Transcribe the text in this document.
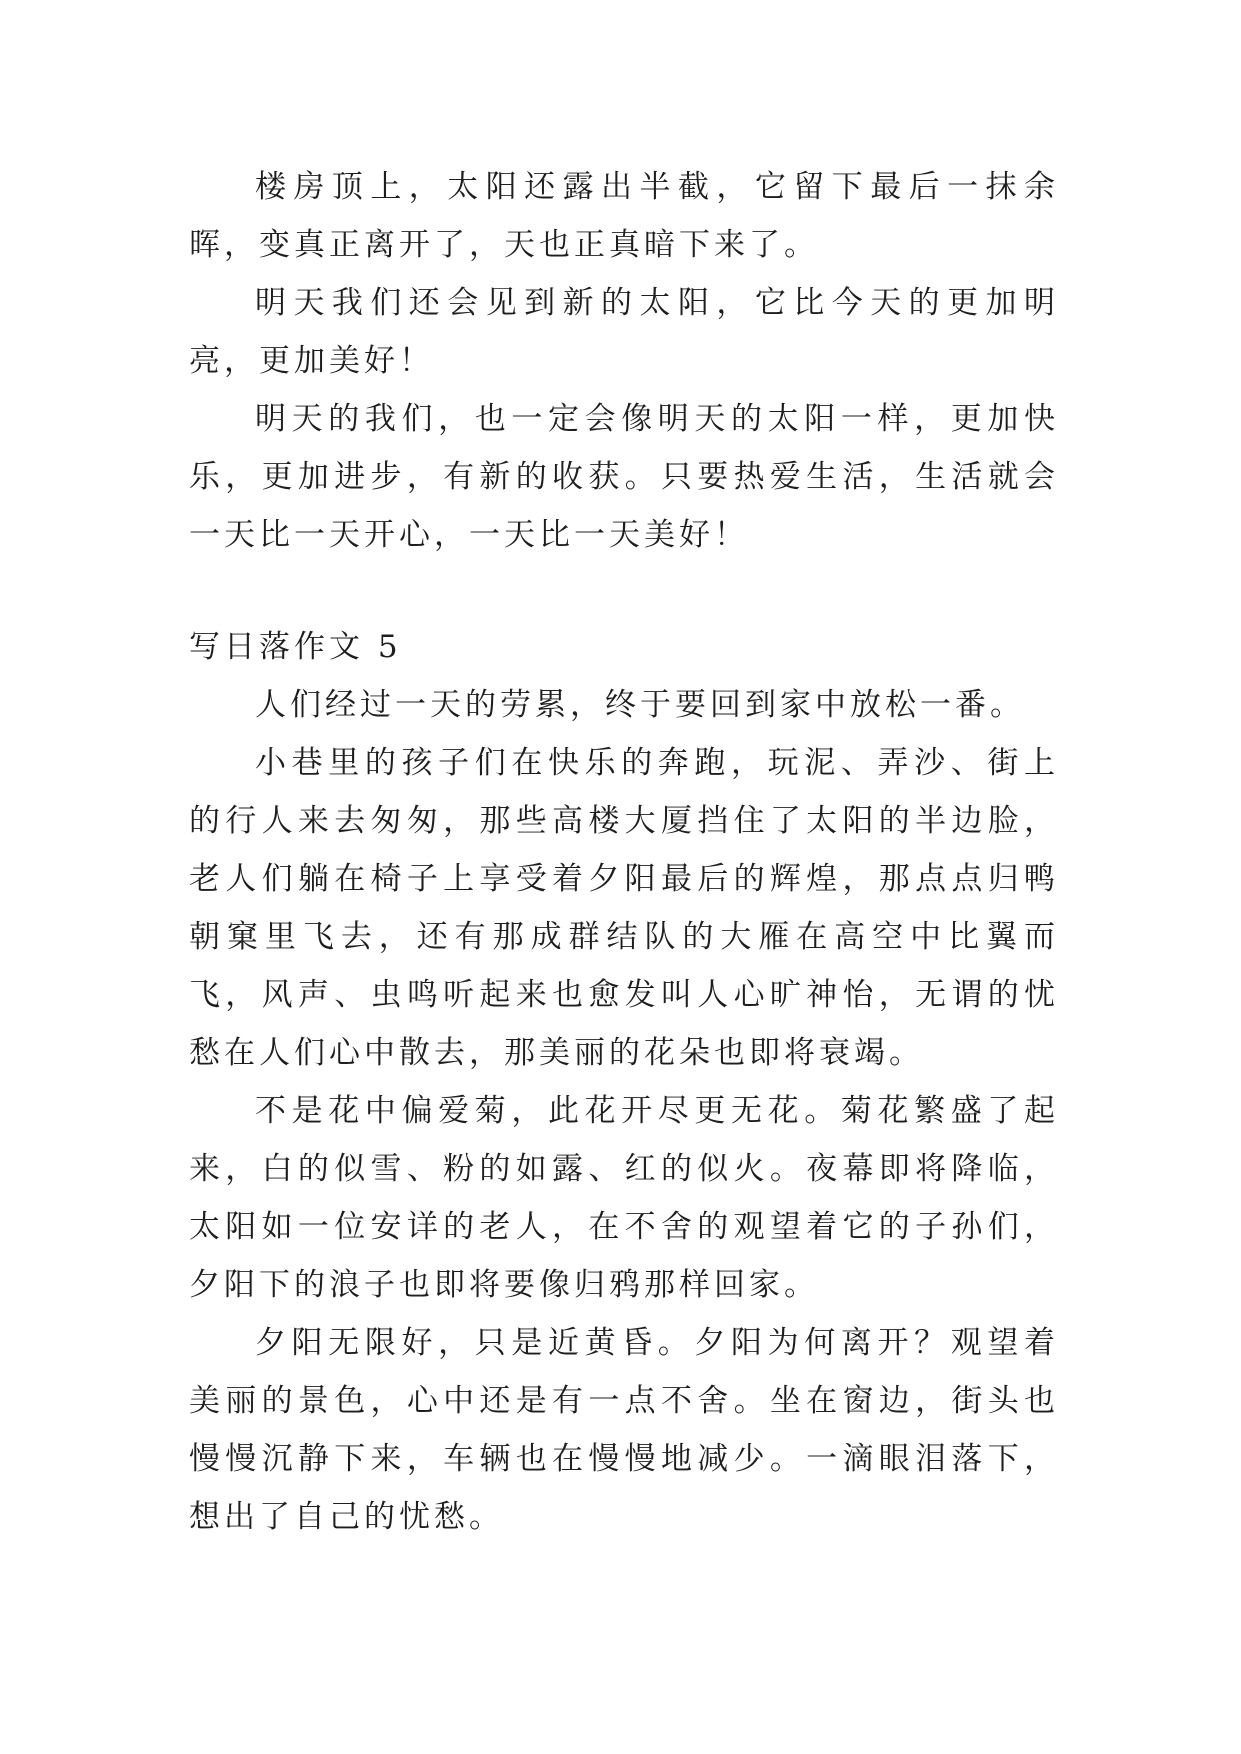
楼房顶上，太阳还露出半截，它留下最后一抹余晖，变真正离开了，天也正真暗下来了。

明天我们还会见到新的太阳，它比今天的更加明亮，更加美好！

明天的我们，也一定会像明天的太阳一样，更加快乐，更加进步，有新的收获。只要热爱生活，生活就会一天比一天开心，一天比一天美好！

写日落作文 5

人们经过一天的劳累，终于要回到家中放松一番。

小巷里的孩子们在快乐的奔跑，玩泥、弄沙、街上的行人来去匆匆，那些高楼大厦挡住了太阳的半边脸，老人们躺在椅子上享受着夕阳最后的辉煌，那点点归鸭朝窠里飞去，还有那成群结队的大雁在高空中比翼而飞，风声、虫鸣听起来也愈发叫人心旷神怡，无谓的忧愁在人们心中散去，那美丽的花朵也即将衰竭。

不是花中偏爱菊，此花开尽更无花。菊花繁盛了起来，白的似雪、粉的如露、红的似火。夜幕即将降临，太阳如一位安详的老人，在不舍的观望着它的子孙们，夕阳下的浪子也即将要像归鸦那样回家。

夕阳无限好，只是近黄昏。夕阳为何离开？观望着美丽的景色，心中还是有一点不舍。坐在窗边，街头也慢慢沉静下来，车辆也在慢慢地减少。一滴眼泪落下，想出了自己的忧愁。
